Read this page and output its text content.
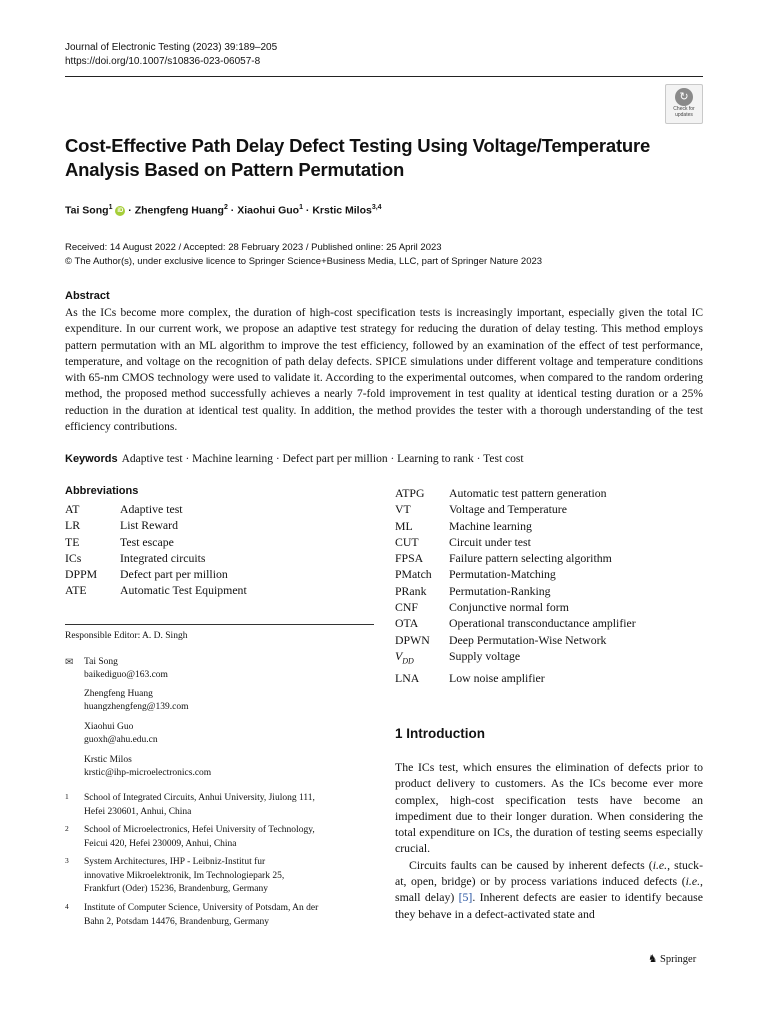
Journal of Electronic Testing (2023) 39:189–205
https://doi.org/10.1007/s10836-023-06057-8
↻
Check for
updates
Cost-Effective Path Delay Defect Testing Using Voltage/Temperature
Analysis Based on Pattern Permutation
Tai Song$^1$ iD · Zhengfeng Huang$^2$ · Xiaohui Guo$^1$ · Krstic Milos$^{3,4}$
Received: 14 August 2022 / Accepted: 28 February 2023 / Published online: 25 April 2023
© The Author(s), under exclusive licence to Springer Science+Business Media, LLC, part of Springer Nature 2023
Abstract
As the ICs become more complex, the duration of high-cost specification tests is increasingly important, especially given the total IC expenditure. In our current work, we propose an adaptive test strategy for reducing the duration of delay testing. This method employs pattern permutation with an ML algorithm to improve the test efficiency, followed by an examination of the effect of test performance, temperature, and voltage on the recognition of path delay defects. SPICE simulations under different voltage and temperature conditions with 65-nm CMOS technology were used to validate it. According to the experimental outcomes, when compared to the random ordering method, the proposed method successfully achieves a nearly 7-fold improvement in test quality at identical testing duration or a 25% reduction in the duration at identical test quality. In addition, the method provides the tester with a thorough understanding of the test efficiency contributions.
Keywords Adaptive test · Machine learning · Defect part per million · Learning to rank · Test cost
Abbreviations
AT	Adaptive test
LR	List Reward
TE	Test escape
ICs	Integrated circuits
DPPM	Defect part per million
ATE	Automatic Test Equipment
ATPG	Automatic test pattern generation
VT	Voltage and Temperature
ML	Machine learning
CUT	Circuit under test
FPSA	Failure pattern selecting algorithm
PMatch	Permutation-Matching
PRank	Permutation-Ranking
CNF	Conjunctive normal form
OTA	Operational transconductance amplifier
DPWN	Deep Permutation-Wise Network
$V_{DD}$	Supply voltage
LNA	Low noise amplifier
Responsible Editor: A. D. Singh
✉ Tai Song
baikediguo@163.com
Zhengfeng Huang
huangzhengfeng@139.com
Xiaohui Guo
guoxh@ahu.edu.cn
Krstic Milos
krstic@ihp-microelectronics.com
1 School of Integrated Circuits, Anhui University, Jiulong 111,
Hefei 230601, Anhui, China
2 School of Microelectronics, Hefei University of Technology,
Feicui 420, Hefei 230009, Anhui, China
3 System Architectures, IHP - Leibniz-Institut fur
innovative Mikroelektronik, Im Technologiepark 25,
Frankfurt (Oder) 15236, Brandenburg, Germany
4 Institute of Computer Science, University of Potsdam, An der
Bahn 2, Potsdam 14476, Brandenburg, Germany
1 Introduction

The ICs test, which ensures the elimination of defects prior to product delivery to customers. As the ICs become ever more complex, high-cost specification tests have become an impediment due to their longer duration. When considering the total expenditure on ICs, the duration of testing seems especially crucial.

Circuits faults can be caused by inherent defects (i.e., stuck-at, open, bridge) or by process variations induced defects (i.e., small delay) [5]. Inherent defects are easier to identify because they behave in a defect-activated state and

♞ Springer
